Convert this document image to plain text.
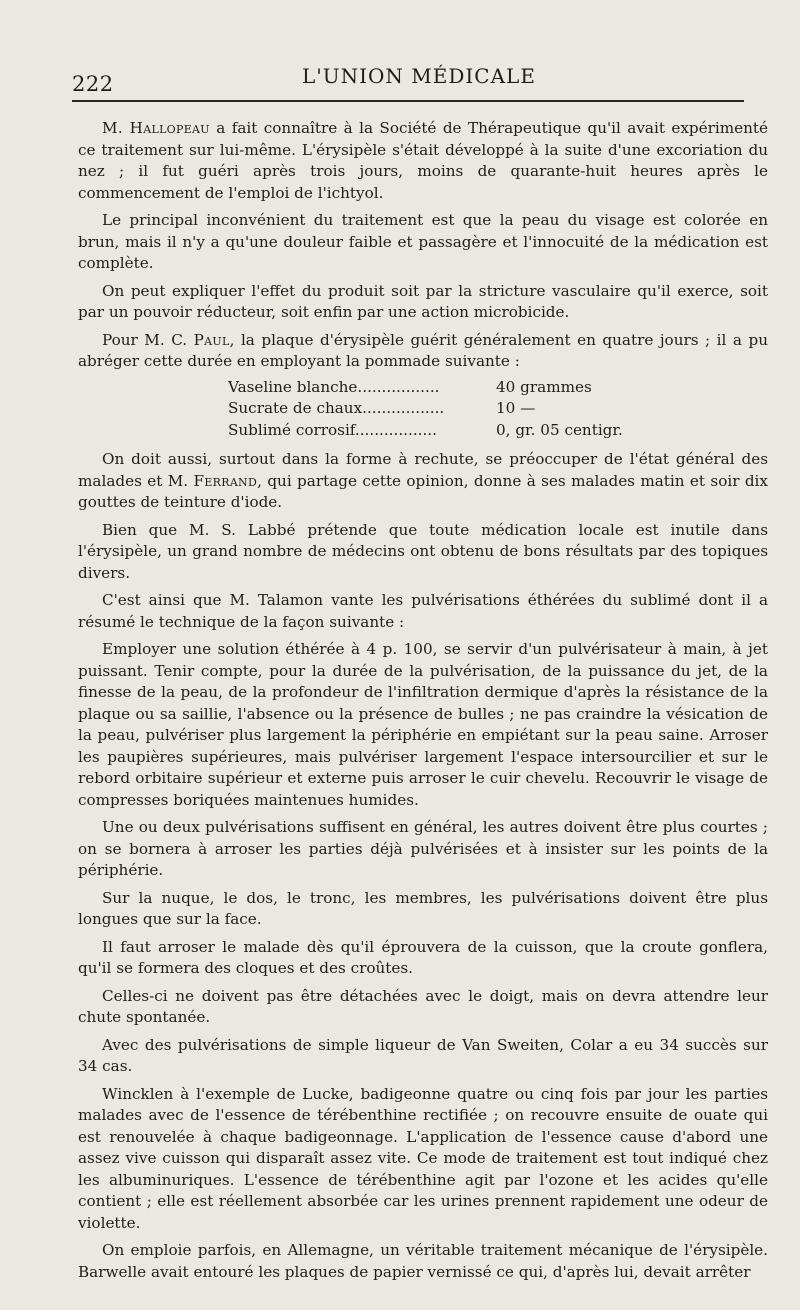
222	L'UNION MÉDICALE

M. Hallopeau a fait connaître à la Société de Thérapeutique qu'il avait expérimenté ce traitement sur lui-même. L'érysipèle s'était développé à la suite d'une excoriation du nez ; il fut guéri après trois jours, moins de quarante-huit heures après le commencement de l'emploi de l'ichtyol.

Le principal inconvénient du traitement est que la peau du visage est colorée en brun, mais il n'y a qu'une douleur faible et passagère et l'innocuité de la médication est complète.

On peut expliquer l'effet du produit soit par la stricture vasculaire qu'il exerce, soit par un pouvoir réducteur, soit enfin par une action microbicide.

Pour M. C. Paul, la plaque d'érysipèle guérit généralement en quatre jours ; il a pu abréger cette durée en employant la pommade suivante :

Vaseline blanche.................	40 grammes
Sucrate de chaux.................	10 —
Sublimé corrosif.................	0, gr. 05 centigr.

On doit aussi, surtout dans la forme à rechute, se préoccuper de l'état général des malades et M. Ferrand, qui partage cette opinion, donne à ses malades matin et soir dix gouttes de teinture d'iode.

Bien que M. S. Labbé prétende que toute médication locale est inutile dans l'érysipèle, un grand nombre de médecins ont obtenu de bons résultats par des topiques divers.

C'est ainsi que M. Talamon vante les pulvérisations éthérées du sublimé dont il a résumé le technique de la façon suivante :

Employer une solution éthérée à 4 p. 100, se servir d'un pulvérisateur à main, à jet puissant. Tenir compte, pour la durée de la pulvérisation, de la puissance du jet, de la finesse de la peau, de la profondeur de l'infiltration dermique d'après la résistance de la plaque ou sa saillie, l'absence ou la présence de bulles ; ne pas craindre la vésication de la peau, pulvériser plus largement la périphérie en empiétant sur la peau saine. Arroser les paupières supérieures, mais pulvériser largement l'espace intersourcilier et sur le rebord orbitaire supérieur et externe puis arroser le cuir chevelu. Recouvrir le visage de compresses boriquées maintenues humides.

Une ou deux pulvérisations suffisent en général, les autres doivent être plus courtes ; on se bornera à arroser les parties déjà pulvérisées et à insister sur les points de la périphérie.

Sur la nuque, le dos, le tronc, les membres, les pulvérisations doivent être plus longues que sur la face.

Il faut arroser le malade dès qu'il éprouvera de la cuisson, que la croute gonflera, qu'il se formera des cloques et des croûtes.

Celles-ci ne doivent pas être détachées avec le doigt, mais on devra attendre leur chute spontanée.

Avec des pulvérisations de simple liqueur de Van Sweiten, Colar a eu 34 succès sur 34 cas.

Wincklen à l'exemple de Lucke, badigeonne quatre ou cinq fois par jour les parties malades avec de l'essence de térébenthine rectifiée ; on recouvre ensuite de ouate qui est renouvelée à chaque badigeonnage. L'application de l'essence cause d'abord une assez vive cuisson qui disparaît assez vite. Ce mode de traitement est tout indiqué chez les albuminuriques. L'essence de térébenthine agit par l'ozone et les acides qu'elle contient ; elle est réellement absorbée car les urines prennent rapidement une odeur de violette.

On emploie parfois, en Allemagne, un véritable traitement mécanique de l'érysipèle. Barwelle avait entouré les plaques de papier vernissé ce qui, d'après lui, devait arrêter
